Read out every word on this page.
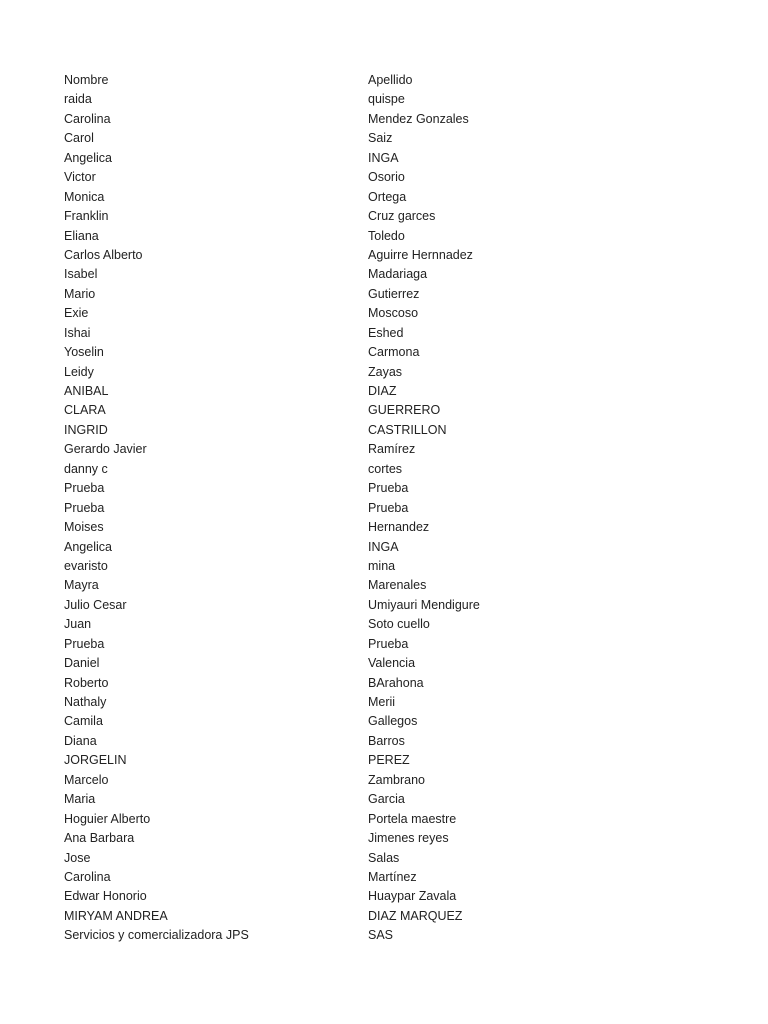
Nombre	Apellido
raida	quispe
Carolina	Mendez Gonzales
Carol	Saiz
Angelica	INGA
Victor	Osorio
Monica	Ortega
Franklin	Cruz garces
Eliana	Toledo
Carlos Alberto	Aguirre Hernnadez
Isabel	Madariaga
Mario	Gutierrez
Exie	Moscoso
Ishai	Eshed
Yoselin	Carmona
Leidy	Zayas
ANIBAL	DIAZ
CLARA	GUERRERO
INGRID	CASTRILLON
Gerardo Javier	Ramírez
danny c	cortes
Prueba	Prueba
Prueba	Prueba
Moises	Hernandez
Angelica	INGA
evaristo	mina
Mayra	Marenales
Julio Cesar	Umiyauri Mendigure
Juan	Soto cuello
Prueba	Prueba
Daniel	Valencia
Roberto	BArahona
Nathaly	Merii
Camila	Gallegos
Diana	Barros
JORGELIN	PEREZ
Marcelo	Zambrano
Maria	Garcia
Hoguier Alberto	Portela maestre
Ana Barbara	Jimenes reyes
Jose	Salas
Carolina	Martínez
Edwar Honorio	Huaypar Zavala
MIRYAM ANDREA	DIAZ MARQUEZ
Servicios y comercializadora JPS	SAS
